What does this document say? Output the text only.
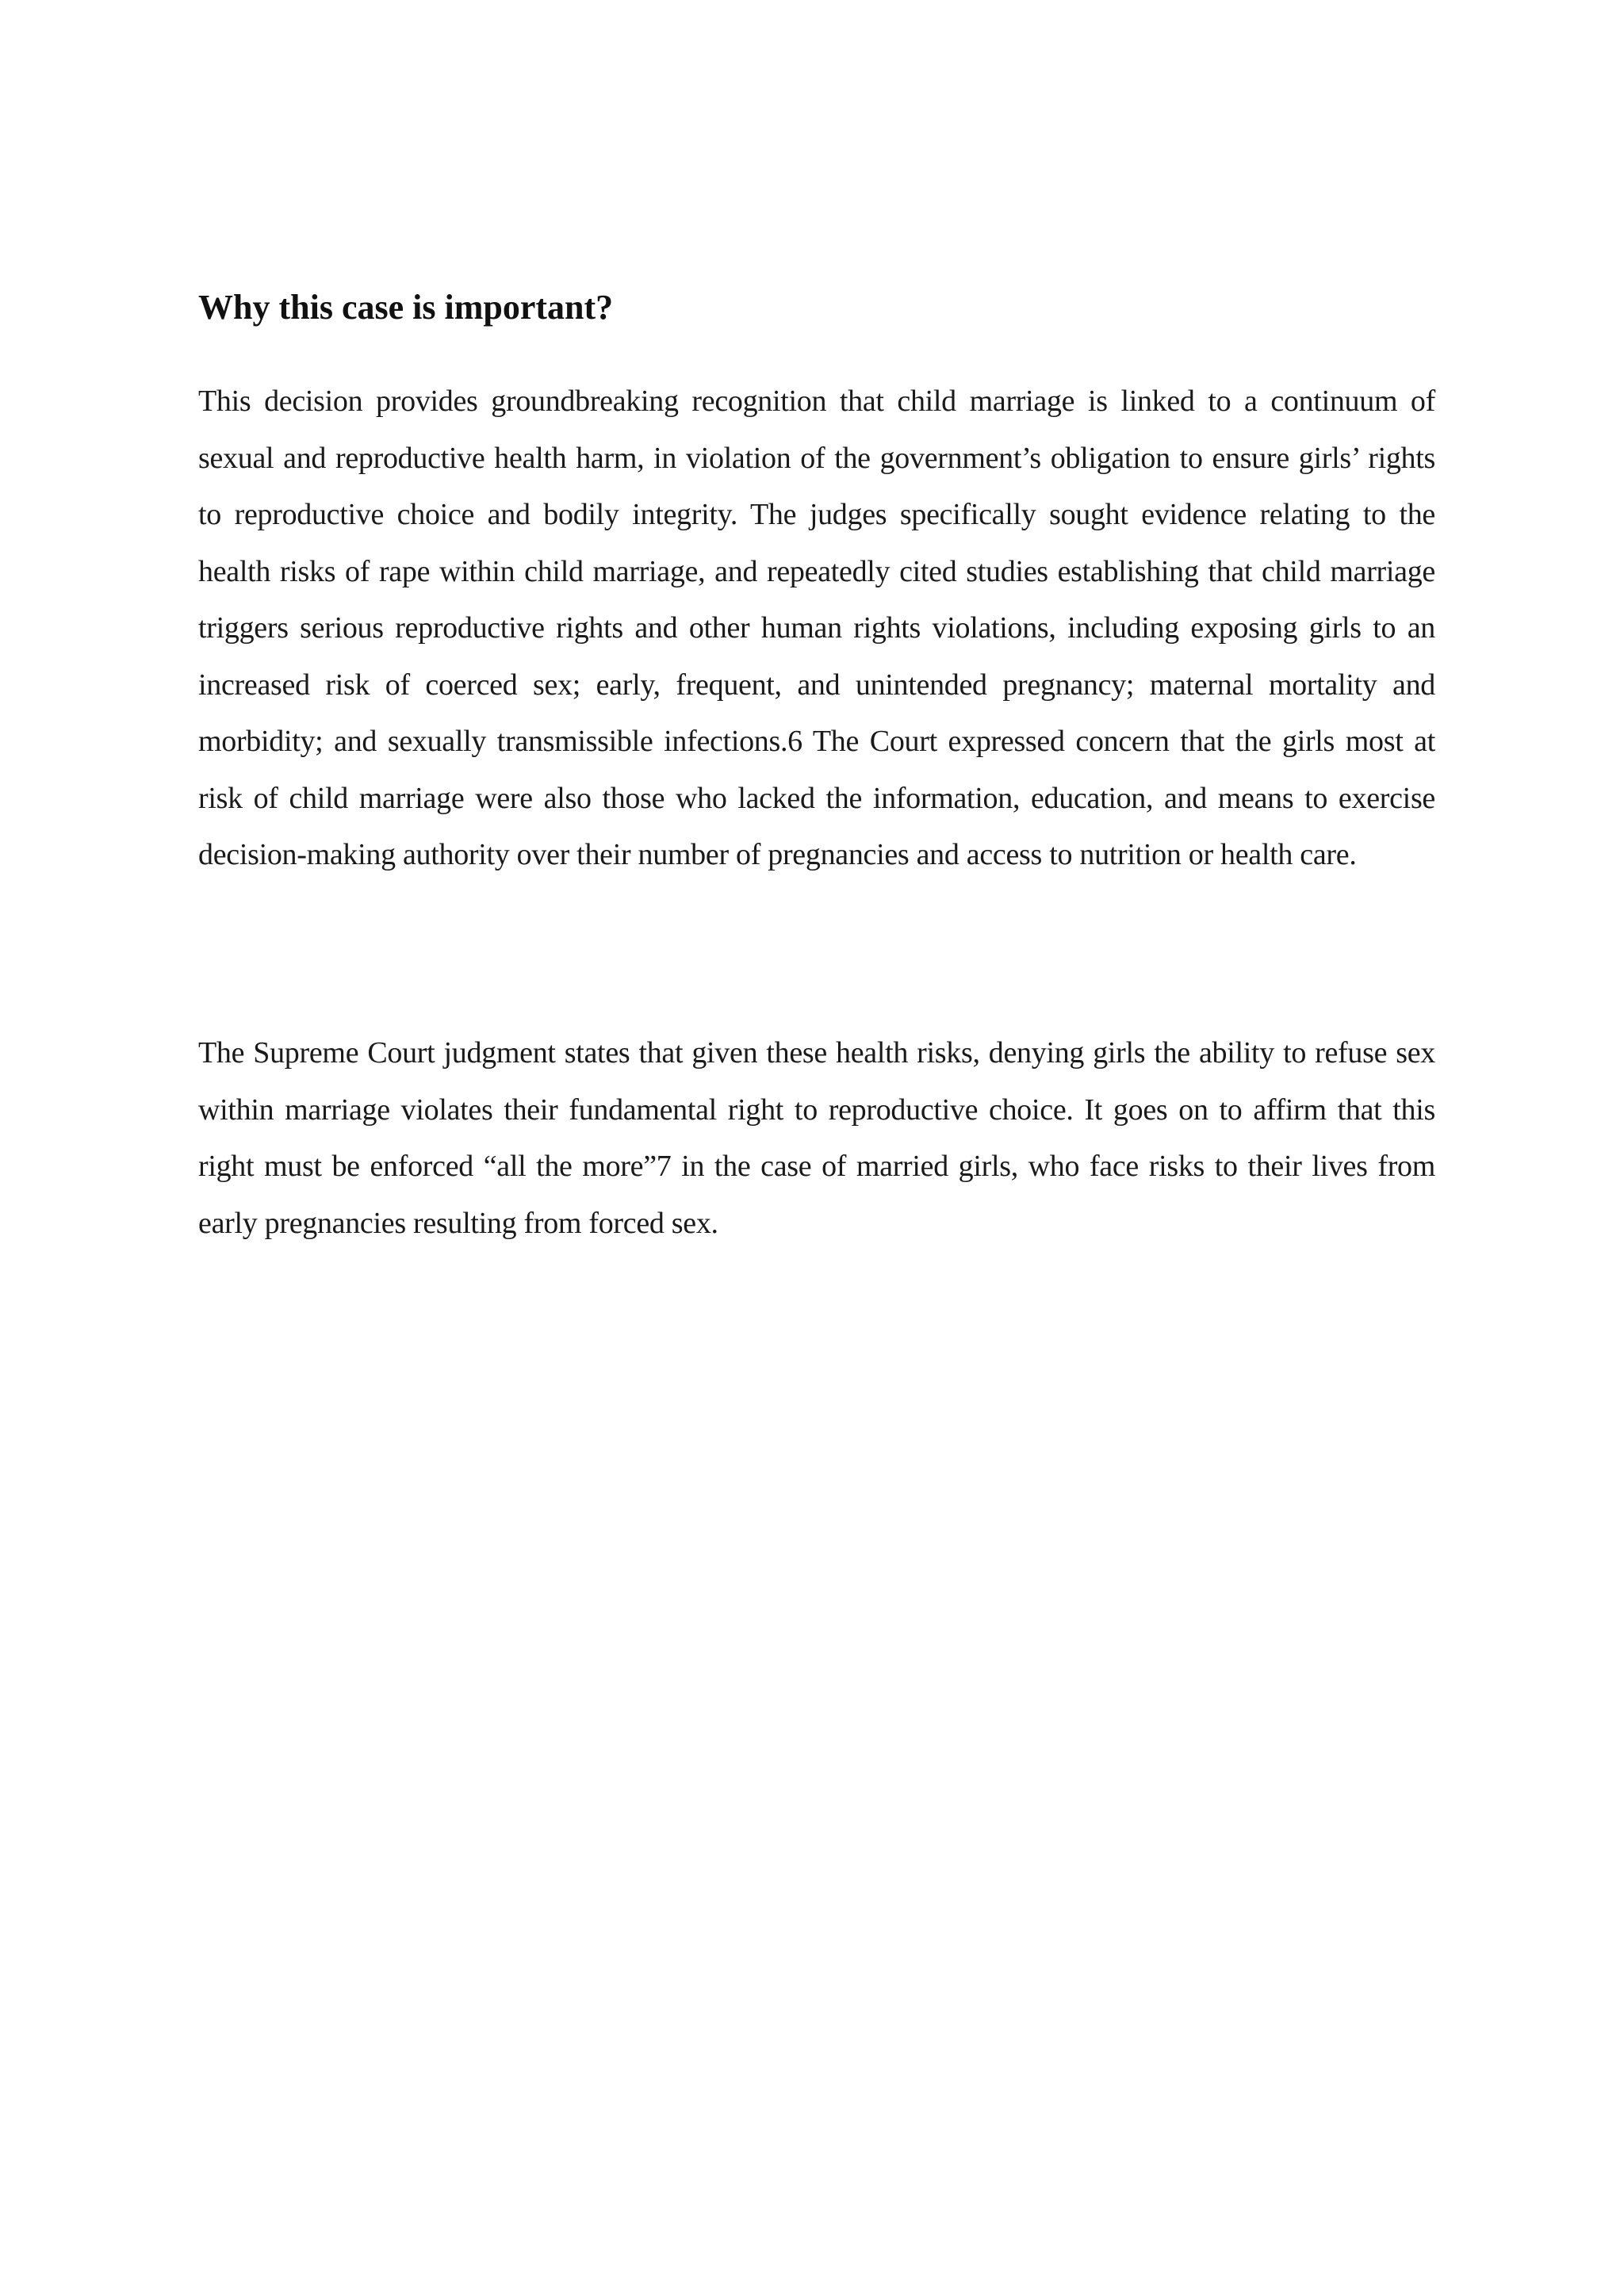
Why this case is important?

This decision provides groundbreaking recognition that child marriage is linked to a continuum of sexual and reproductive health harm, in violation of the government’s obligation to ensure girls’ rights to reproductive choice and bodily integrity. The judges specifically sought evidence relating to the health risks of rape within child marriage, and repeatedly cited studies establishing that child marriage triggers serious reproductive rights and other human rights violations, including exposing girls to an increased risk of coerced sex; early, frequent, and unintended pregnancy; maternal mortality and morbidity; and sexually transmissible infections.6 The Court expressed concern that the girls most at risk of child marriage were also those who lacked the information, education, and means to exercise decision-making authority over their number of pregnancies and access to nutrition or health care.

The Supreme Court judgment states that given these health risks, denying girls the ability to refuse sex within marriage violates their fundamental right to reproductive choice. It goes on to affirm that this right must be enforced “all the more”7 in the case of married girls, who face risks to their lives from early pregnancies resulting from forced sex.
